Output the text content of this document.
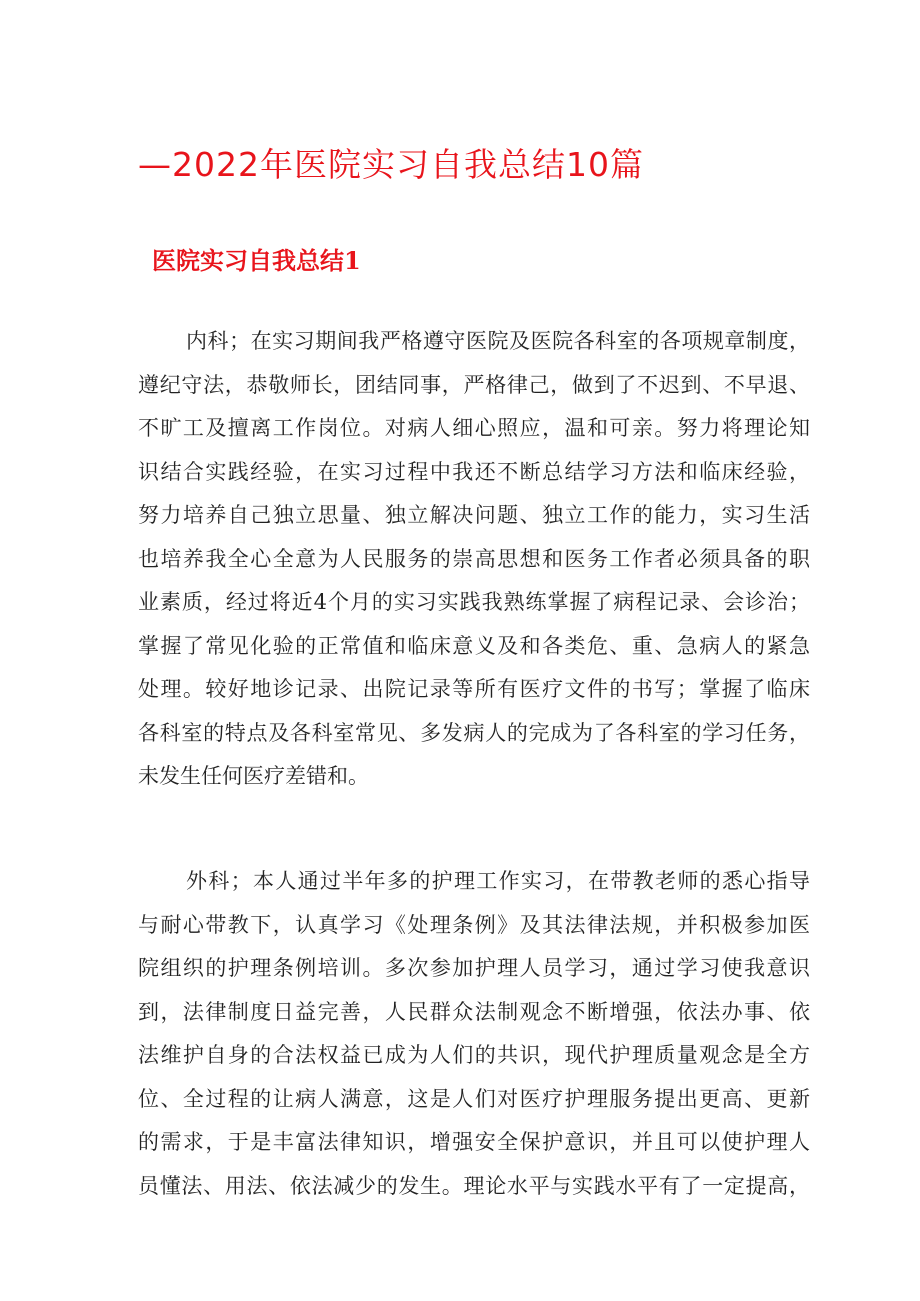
—2022年医院实习自我总结10篇
医院实习自我总结1
内科；在实习期间我严格遵守医院及医院各科室的各项规章制度，
遵纪守法，恭敬师长，团结同事，严格律己，做到了不迟到、不早退、
不旷工及擅离工作岗位。对病人细心照应，温和可亲。努力将理论知
识结合实践经验，在实习过程中我还不断总结学习方法和临床经验，
努力培养自己独立思量、独立解决问题、独立工作的能力，实习生活
也培养我全心全意为人民服务的崇高思想和医务工作者必须具备的职
业素质，经过将近4个月的实习实践我熟练掌握了病程记录、会诊治；
掌握了常见化验的正常值和临床意义及和各类危、重、急病人的紧急
处理。较好地诊记录、出院记录等所有医疗文件的书写；掌握了临床
各科室的特点及各科室常见、多发病人的完成为了各科室的学习任务，
未发生任何医疗差错和。
外科；本人通过半年多的护理工作实习，在带教老师的悉心指导
与耐心带教下，认真学习《处理条例》及其法律法规，并积极参加医
院组织的护理条例培训。多次参加护理人员学习，通过学习使我意识
到，法律制度日益完善，人民群众法制观念不断增强，依法办事、依
法维护自身的合法权益已成为人们的共识，现代护理质量观念是全方
位、全过程的让病人满意，这是人们对医疗护理服务提出更高、更新
的需求，于是丰富法律知识，增强安全保护意识，并且可以使护理人
员懂法、用法、依法减少的发生。理论水平与实践水平有了一定提高，
